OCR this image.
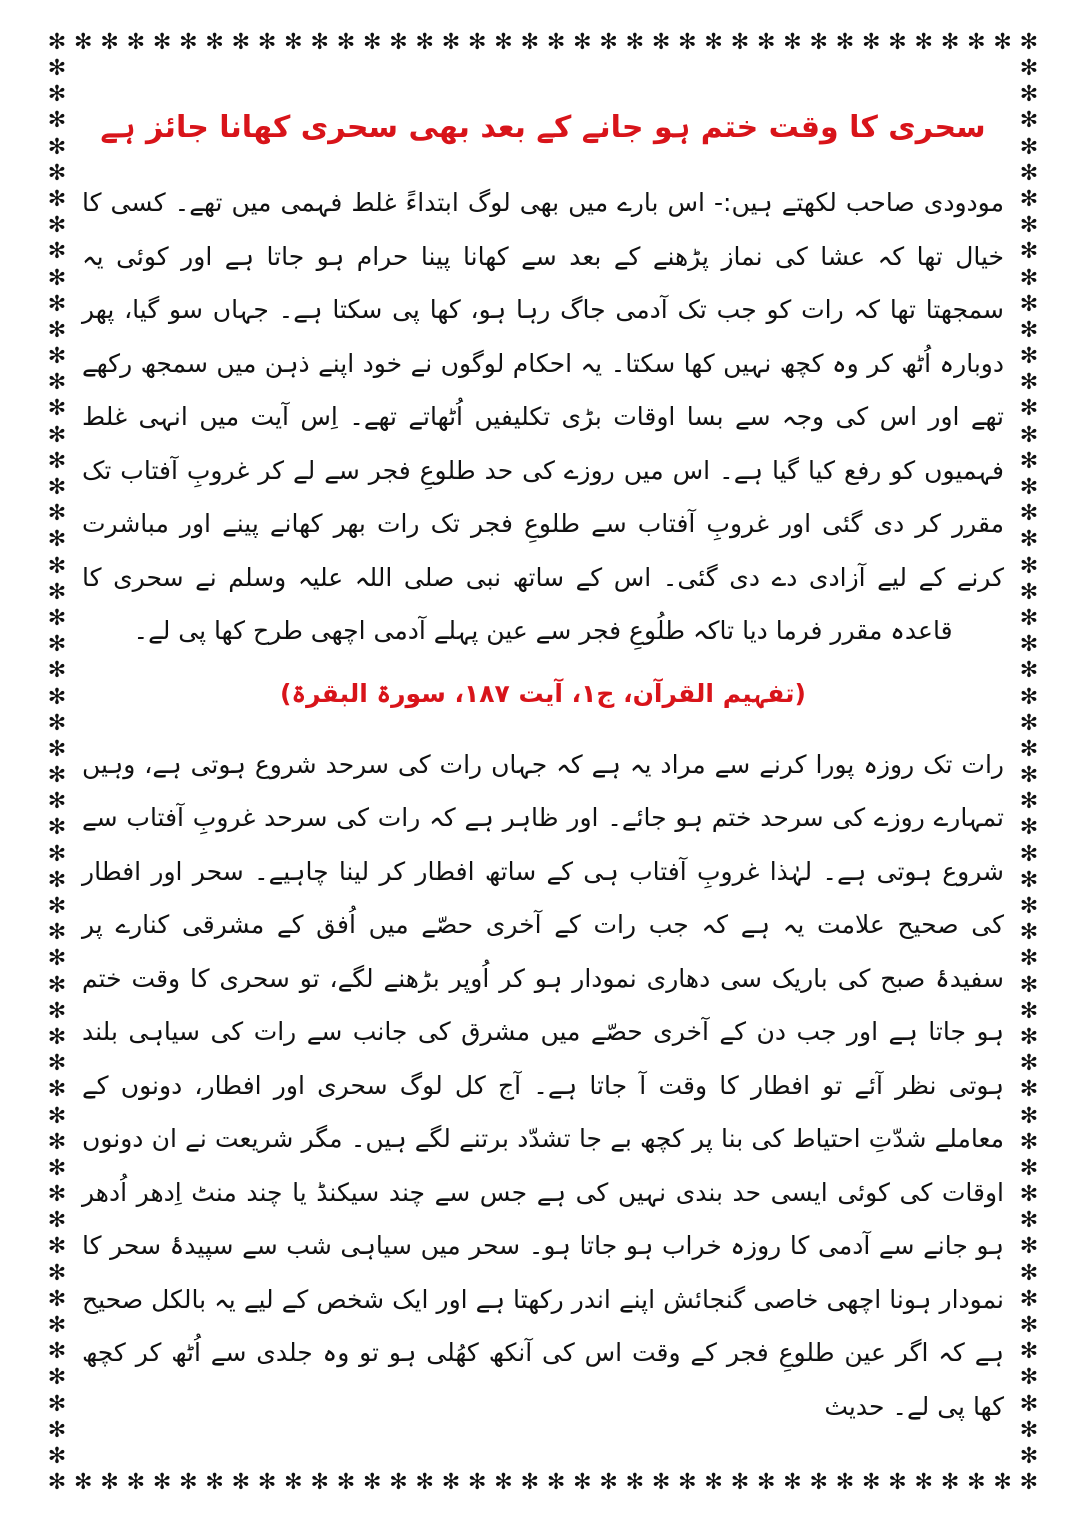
✻ ✻ ✻ ✻ ✻ ✻ ✻ ✻ ✻ ✻ ✻ ✻ ✻ ✻ ✻ ✻ ✻ ✻ ✻ ✻ ✻ ✻ ✻ ✻ ✻ ✻ ✻ ✻ ✻ ✻ ✻ ✻ ✻ ✻ ✻ ✻ ✻ ✻
✻ ✻ ✻ ✻ ✻ ✻ ✻ ✻ ✻ ✻ ✻ ✻ ✻ ✻ ✻ ✻ ✻ ✻ ✻ ✻ ✻ ✻ ✻ ✻ ✻ ✻ ✻ ✻ ✻ ✻ ✻ ✻ ✻ ✻ ✻ ✻ ✻ ✻
✻
✻
✻
✻
✻
✻
✻
✻
✻
✻
✻
✻
✻
✻
✻
✻
✻
✻
✻
✻
✻
✻
✻
✻
✻
✻
✻
✻
✻
✻
✻
✻
✻
✻
✻
✻
✻
✻
✻
✻
✻
✻
✻
✻
✻
✻
✻
✻
✻
✻
✻
✻
✻
✻
✻
✻
✻
✻
✻
✻
✻
✻
✻
✻
✻
✻
✻
✻
✻
✻
✻
✻
✻
✻
✻
✻
✻
✻
✻
✻
✻
✻
✻
✻
✻
✻
✻
✻
✻
✻
✻
✻
✻
✻
✻
✻
✻
✻
✻
✻
✻
✻
✻
✻
✻
✻
✻
✻
سحری کا وقت ختم ہو جانے کے بعد بھی سحری کھانا جائز ہے

مودودی صاحب لکھتے ہیں:- اس بارے میں بھی لوگ ابتداءً غلط فہمی میں تھے۔ کسی کا خیال تھا کہ عشا کی نماز پڑھنے کے بعد سے کھانا پینا حرام ہو جاتا ہے اور کوئی یہ سمجھتا تھا کہ رات کو جب تک آدمی جاگ رہا ہو، کھا پی سکتا ہے۔ جہاں سو گیا، پھر دوبارہ اُٹھ کر وہ کچھ نہیں کھا سکتا۔ یہ احکام لوگوں نے خود اپنے ذہن میں سمجھ رکھے تھے اور اس کی وجہ سے بسا اوقات بڑی تکلیفیں اُٹھاتے تھے۔ اِس آیت میں انہی غلط فہمیوں کو رفع کیا گیا ہے۔ اس میں روزے کی حد طلوعِ فجر سے لے کر غروبِ آفتاب تک مقرر کر دی گئی اور غروبِ آفتاب سے طلوعِ فجر تک رات بھر کھانے پینے اور مباشرت کرنے کے لیے آزادی دے دی گئی۔ اس کے ساتھ نبی صلی اللہ علیہ وسلم نے سحری کا قاعدہ مقرر فرما دیا تاکہ طلُوعِ فجر سے عین پہلے آدمی اچھی طرح کھا پی لے۔

(تفہیم القرآن، ج۱، آیت ۱۸۷، سورۃ البقرۃ)

رات تک روزہ پورا کرنے سے مراد یہ ہے کہ جہاں رات کی سرحد شروع ہوتی ہے، وہیں تمہارے روزے کی سرحد ختم ہو جائے۔ اور ظاہر ہے کہ رات کی سرحد غروبِ آفتاب سے شروع ہوتی ہے۔ لہٰذا غروبِ آفتاب ہی کے ساتھ افطار کر لینا چاہیے۔ سحر اور افطار کی صحیح علامت یہ ہے کہ جب رات کے آخری حصّے میں اُفق کے مشرقی کنارے پر سفیدۂ صبح کی باریک سی دھاری نمودار ہو کر اُوپر بڑھنے لگے، تو سحری کا وقت ختم ہو جاتا ہے اور جب دن کے آخری حصّے میں مشرق کی جانب سے رات کی سیاہی بلند ہوتی نظر آئے تو افطار کا وقت آ جاتا ہے۔ آج کل لوگ سحری اور افطار، دونوں کے معاملے شدّتِ احتیاط کی بنا پر کچھ بے جا تشدّد برتنے لگے ہیں۔ مگر شریعت نے ان دونوں اوقات کی کوئی ایسی حد بندی نہیں کی ہے جس سے چند سیکنڈ یا چند منٹ اِدھر اُدھر ہو جانے سے آدمی کا روزہ خراب ہو جاتا ہو۔ سحر میں سیاہی شب سے سپیدۂ سحر کا نمودار ہونا اچھی خاصی گنجائش اپنے اندر رکھتا ہے اور ایک شخص کے لیے یہ بالکل صحیح ہے کہ اگر عین طلوعِ فجر کے وقت اس کی آنکھ کھُلی ہو تو وہ جلدی سے اُٹھ کر کچھ کھا پی لے۔ حدیث
